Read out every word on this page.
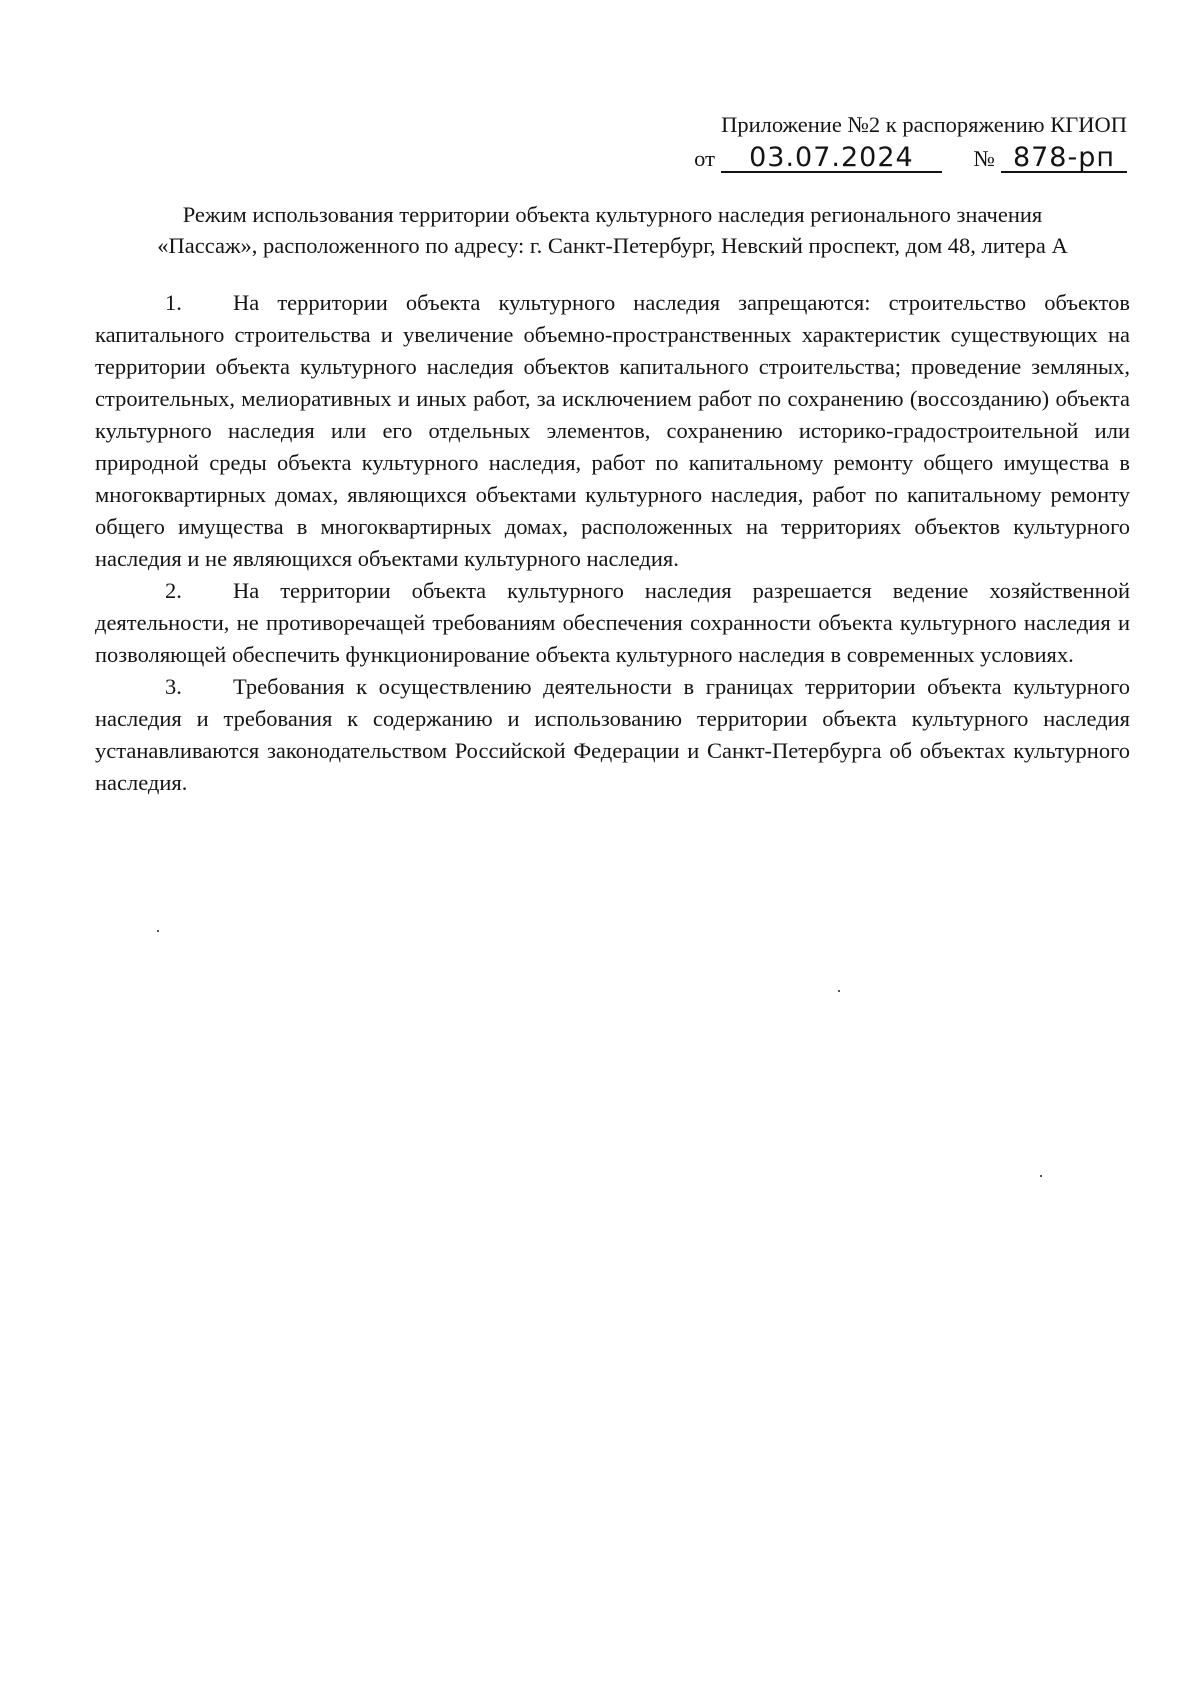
Приложение №2 к распоряжению КГИОП
от 03.07.2024	№ 878-рп
Режим использования территории объекта культурного наследия регионального значения
«Пассаж», расположенного по адресу: г. Санкт-Петербург, Невский проспект, дом 48, литера А

1. На территории объекта культурного наследия запрещаются: строительство объектов капитального строительства и увеличение объемно-пространственных характеристик существующих на территории объекта культурного наследия объектов капитального строительства; проведение земляных, строительных, мелиоративных и иных работ, за исключением работ по сохранению (воссозданию) объекта культурного наследия или его отдельных элементов, сохранению историко-градостроительной или природной среды объекта культурного наследия, работ по капитальному ремонту общего имущества в многоквартирных домах, являющихся объектами культурного наследия, работ по капитальному ремонту общего имущества в многоквартирных домах, расположенных на территориях объектов культурного наследия и не являющихся объектами культурного наследия.

2. На территории объекта культурного наследия разрешается ведение хозяйственной деятельности, не противоречащей требованиям обеспечения сохранности объекта культурного наследия и позволяющей обеспечить функционирование объекта культурного наследия в современных условиях.

3. Требования к осуществлению деятельности в границах территории объекта культурного наследия и требования к содержанию и использованию территории объекта культурного наследия устанавливаются законодательством Российской Федерации и Санкт-Петербурга об объектах культурного наследия.
